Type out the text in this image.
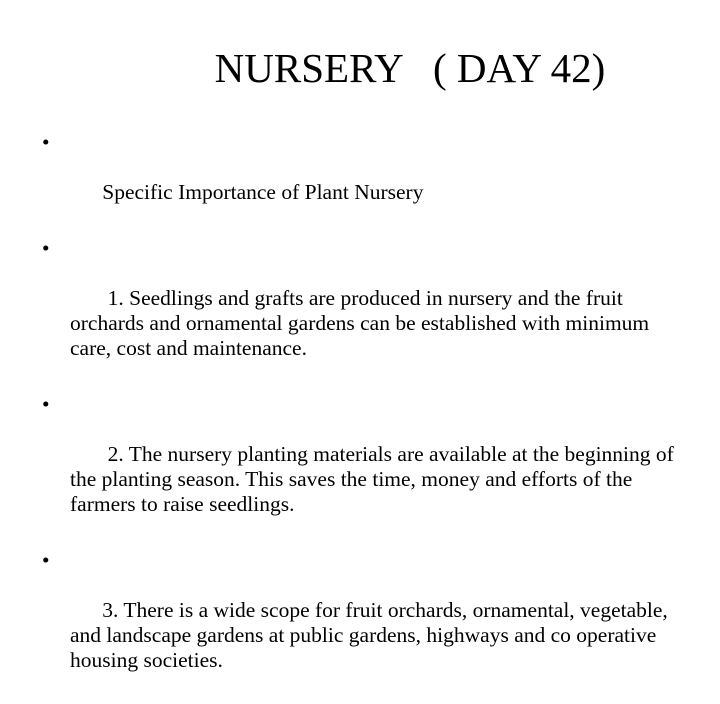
NURSERY   ( DAY 42)

•

Specific Importance of Plant Nursery

•

1. Seedlings and grafts are produced in nursery and the fruit orchards and ornamental gardens can be established with minimum care, cost and maintenance.

•

2. The nursery planting materials are available at the beginning of the planting season. This saves the time, money and efforts of the farmers to raise seedlings.

•

3. There is a wide scope for fruit orchards, ornamental, vegetable, and landscape gardens at public gardens, highways and co operative housing societies.
